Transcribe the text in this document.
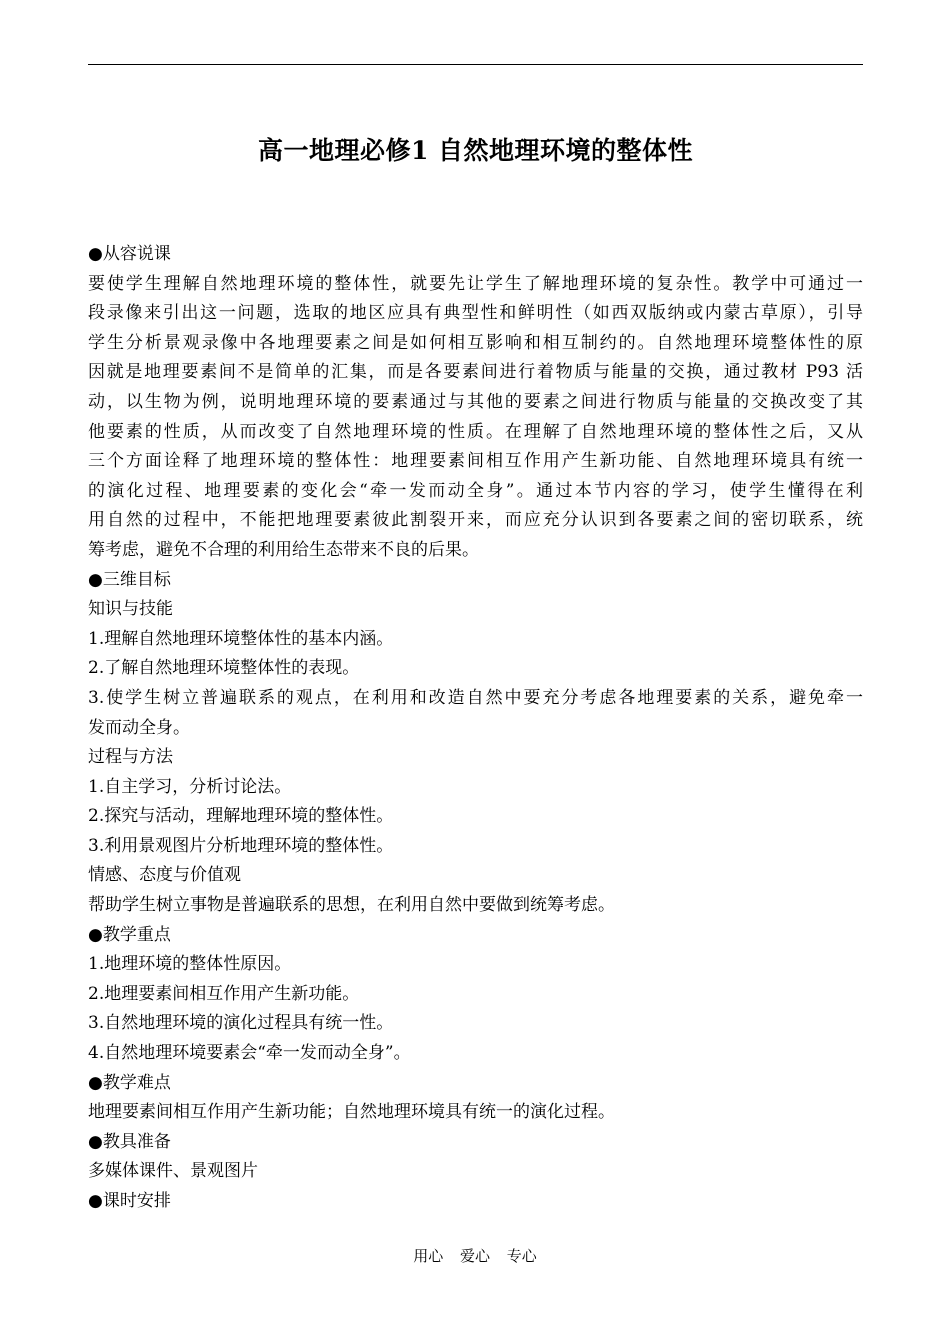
高一地理必修1 自然地理环境的整体性
●从容说课
要使学生理解自然地理环境的整体性，就要先让学生了解地理环境的复杂性。教学中可通过一
段录像来引出这一问题，选取的地区应具有典型性和鲜明性（如西双版纳或内蒙古草原），引导
学生分析景观录像中各地理要素之间是如何相互影响和相互制约的。自然地理环境整体性的原
因就是地理要素间不是简单的汇集，而是各要素间进行着物质与能量的交换，通过教材 P93 活
动，以生物为例，说明地理环境的要素通过与其他的要素之间进行物质与能量的交换改变了其
他要素的性质，从而改变了自然地理环境的性质。在理解了自然地理环境的整体性之后，又从
三个方面诠释了地理环境的整体性：地理要素间相互作用产生新功能、自然地理环境具有统一
的演化过程、地理要素的变化会“牵一发而动全身”。通过本节内容的学习，使学生懂得在利
用自然的过程中，不能把地理要素彼此割裂开来，而应充分认识到各要素之间的密切联系，统
筹考虑，避免不合理的利用给生态带来不良的后果。
●三维目标
知识与技能
1.理解自然地理环境整体性的基本内涵。
2.了解自然地理环境整体性的表现。
3.使学生树立普遍联系的观点，在利用和改造自然中要充分考虑各地理要素的关系，避免牵一
发而动全身。
过程与方法
1.自主学习，分析讨论法。
2.探究与活动，理解地理环境的整体性。
3.利用景观图片分析地理环境的整体性。
情感、态度与价值观
帮助学生树立事物是普遍联系的思想，在利用自然中要做到统筹考虑。
●教学重点
1.地理环境的整体性原因。
2.地理要素间相互作用产生新功能。
3.自然地理环境的演化过程具有统一性。
4.自然地理环境要素会“牵一发而动全身”。
●教学难点
地理要素间相互作用产生新功能；自然地理环境具有统一的演化过程。
●教具准备
多媒体课件、景观图片
●课时安排
用心 爱心 专心
